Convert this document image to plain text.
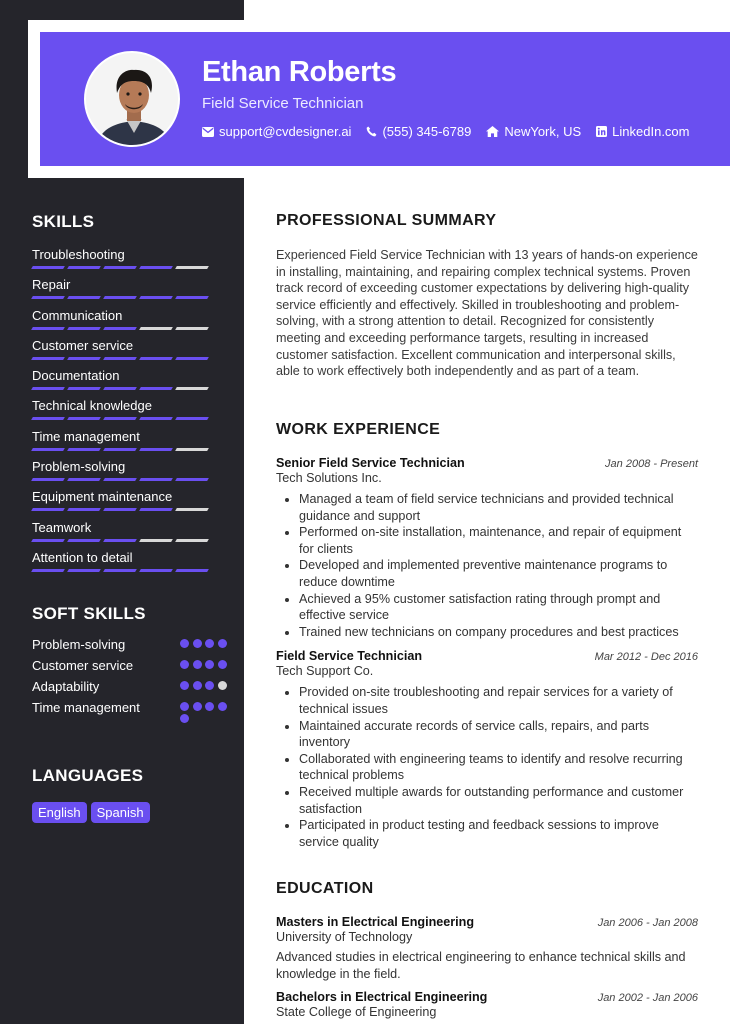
Ethan Roberts
Field Service Technician
support@cvdesigner.ai (555) 345-6789	NewYork, US LinkedIn.com
SKILLS
Troubleshooting
Repair
Communication
Customer service
Documentation
Technical knowledge
Time management
Problem-solving
Equipment maintenance
Teamwork
Attention to detail
SOFT SKILLS
Problem-solving
Customer service
Adaptability
Time management
LANGUAGES
English	Spanish
PROFESSIONAL SUMMARY

Experienced Field Service Technician with 13 years of hands-on experience in installing, maintaining, and repairing complex technical systems. Proven track record of exceeding customer expectations by delivering high-quality service efficiently and effectively. Skilled in troubleshooting and problem-solving, with a strong attention to detail. Recognized for consistently meeting and exceeding performance targets, resulting in increased customer satisfaction. Excellent communication and interpersonal skills, able to work effectively both independently and as part of a team.

WORK EXPERIENCE
Senior Field Service Technician	Jan 2008 - Present
Tech Solutions Inc.
• Managed a team of field service technicians and provided technical guidance and support
• Performed on-site installation, maintenance, and repair of equipment for clients
• Developed and implemented preventive maintenance programs to reduce downtime
• Achieved a 95% customer satisfaction rating through prompt and effective service
• Trained new technicians on company procedures and best practices
Field Service Technician	Mar 2012 - Dec 2016
Tech Support Co.
• Provided on-site troubleshooting and repair services for a variety of technical issues
• Maintained accurate records of service calls, repairs, and parts inventory
• Collaborated with engineering teams to identify and resolve recurring technical problems
• Received multiple awards for outstanding performance and customer satisfaction
• Participated in product testing and feedback sessions to improve service quality
EDUCATION
Masters in Electrical Engineering	Jan 2006 - Jan 2008
University of Technology
Advanced studies in electrical engineering to enhance technical skills and knowledge in the field.
Bachelors in Electrical Engineering	Jan 2002 - Jan 2006
State College of Engineering
